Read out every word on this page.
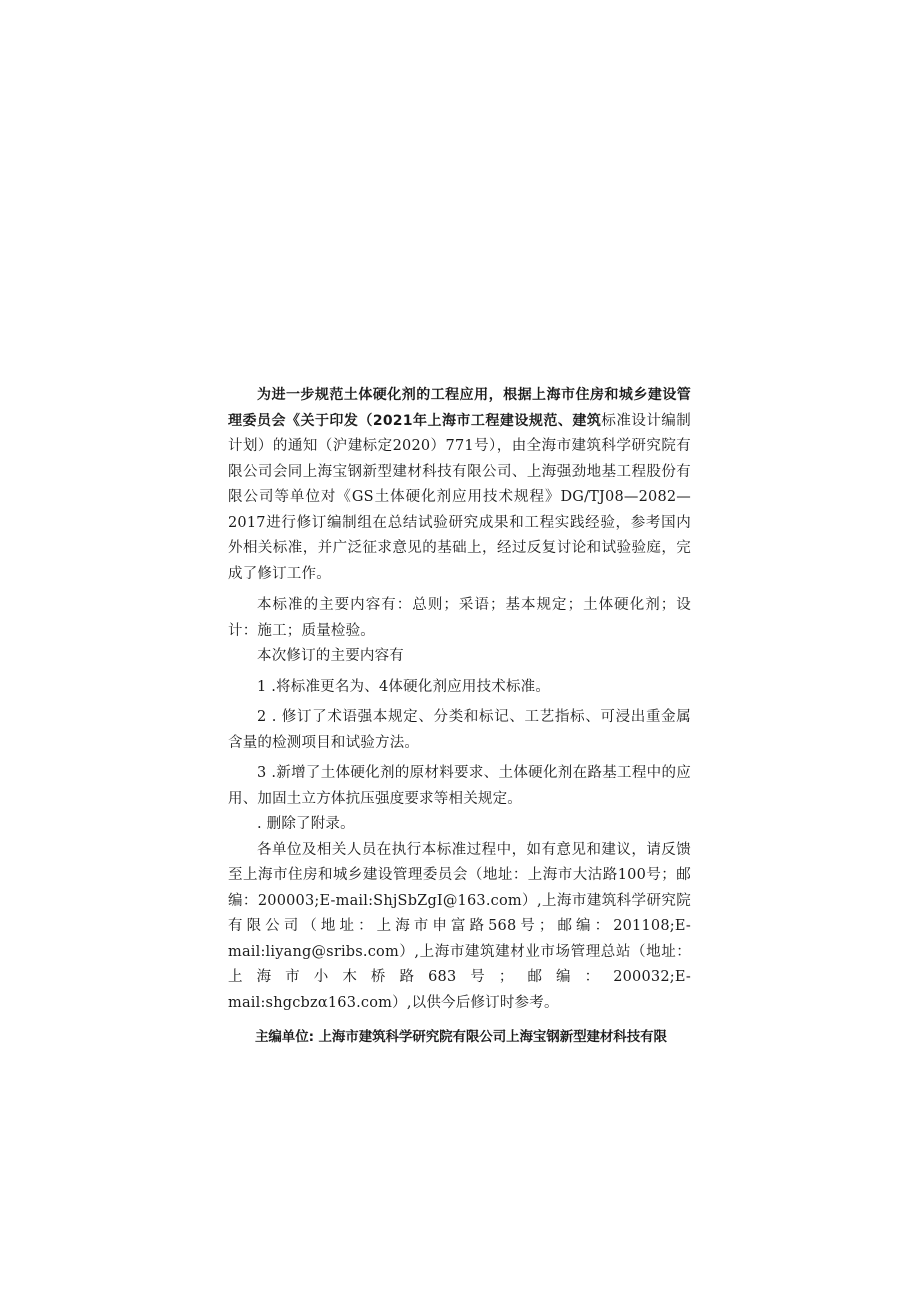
为进一步规范土体硬化剂的工程应用，根据上海市住房和城乡建设管理委员会《关于印发（2021年上海市工程建设规范、建筑标准设计编制计划）的通知（沪建标定2020）771号），由全海市建筑科学研究院有限公司会同上海宝钢新型建材科技有限公司、上海强劲地基工程股份有限公司等单位对《GS土体硬化剂应用技术规程》DG/TJ08—2082—2017进行修订编制组在总结试验研究成果和工程实践经验，参考国内外相关标准，并广泛征求意见的基础上，经过反复讨论和试验验庭，完成了修订工作。

本标准的主要内容有：总则；采语；基本规定；土体硬化剂；设计：施工；质量检验。

本次修订的主要内容有

1 .将标准更名为、4体硬化剂应用技术标准。

2 . 修订了术语强本规定、分类和标记、工艺指标、可浸出重金属含量的检测项目和试验方法。

3 .新增了土体硬化剂的原材料要求、土体硬化剂在路基工程中的应用、加固土立方体抗压强度要求等相关规定。

. 删除了附录。

各单位及相关人员在执行本标准过程中，如有意见和建议，请反馈至上海市住房和城乡建设管理委员会（地址：上海市大沽路100号；邮编：200003;E-mail:ShjSbZgI@163.com）,上海市建筑科学研究院有限公司（地址：上海市申富路568号；邮编：201108;E-mail:liyang@sribs.com）,上海市建筑建材业市场管理总站（地址：上海市小木桥路683号；邮编：200032;E-mail:shgcbzα163.com）,以供今后修订时参考。

主编单位: 上海市建筑科学研究院有限公司上海宝钢新型建材科技有限
